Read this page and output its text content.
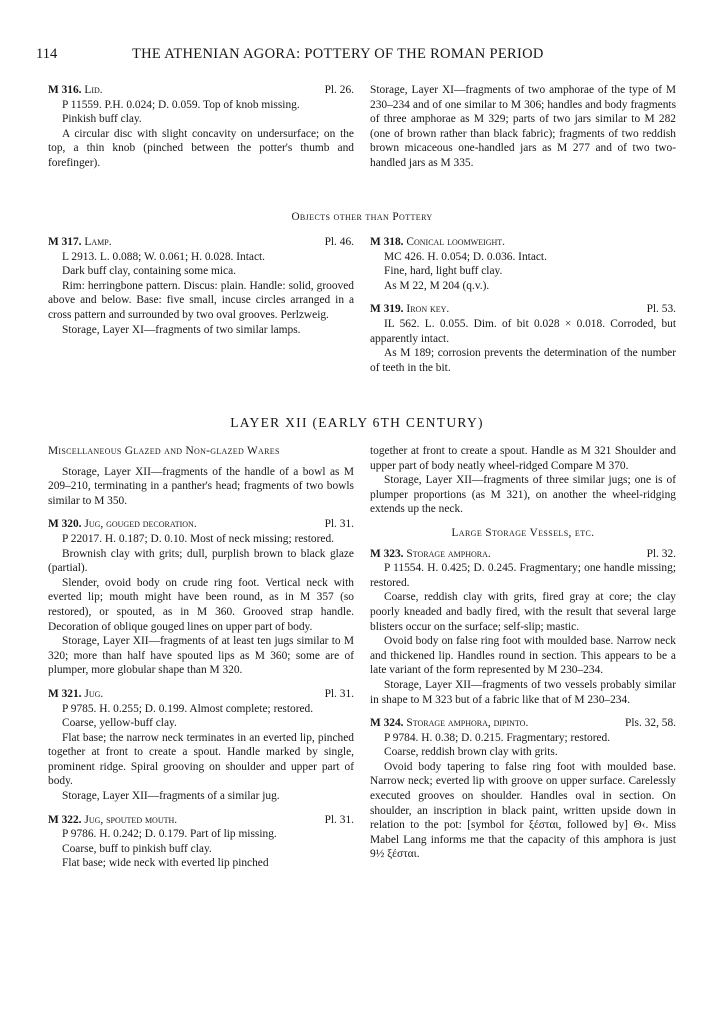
114	THE ATHENIAN AGORA: POTTERY OF THE ROMAN PERIOD
M 316. Lid.	Pl. 26.

P 11559. P.H. 0.024; D. 0.059. Top of knob missing.

Pinkish buff clay.

A circular disc with slight concavity on undersurface; on the top, a thin knob (pinched between the potter's thumb and forefinger).

Storage, Layer XI—fragments of two amphorae of the type of M 230–234 and of one similar to M 306; handles and body fragments of three amphorae as M 329; parts of two jars similar to M 282 (one of brown rather than black fabric); fragments of two reddish brown micaceous one-handled jars as M 277 and of two two-handled jars as M 335.

Objects other than Pottery
M 317. Lamp.	Pl. 46.

L 2913. L. 0.088; W. 0.061; H. 0.028. Intact.

Dark buff clay, containing some mica.

Rim: herringbone pattern. Discus: plain. Handle: solid, grooved above and below. Base: five small, incuse circles arranged in a cross pattern and surrounded by two oval grooves. Perlzweig.

Storage, Layer XI—fragments of two similar lamps.

M 318. Conical loomweight.

MC 426. H. 0.054; D. 0.036. Intact.

Fine, hard, light buff clay.

As M 22, M 204 (q.v.).

M 319. Iron key.	Pl. 53.

IL 562. L. 0.055. Dim. of bit 0.028 × 0.018. Corroded, but apparently intact.

As M 189; corrosion prevents the determination of the number of teeth in the bit.

LAYER XII (EARLY 6TH CENTURY)

Miscellaneous Glazed and Non-glazed Wares

Storage, Layer XII—fragments of the handle of a bowl as M 209–210, terminating in a panther's head; fragments of two bowls similar to M 350.

M 320. Jug, gouged decoration.	Pl. 31.

P 22017. H. 0.187; D. 0.10. Most of neck missing; restored.

Brownish clay with grits; dull, purplish brown to black glaze (partial).

Slender, ovoid body on crude ring foot. Vertical neck with everted lip; mouth might have been round, as in M 357 (so restored), or spouted, as in M 360. Grooved strap handle. Decoration of oblique gouged lines on upper part of body.

Storage, Layer XII—fragments of at least ten jugs similar to M 320; more than half have spouted lips as M 360; some are of plumper, more globular shape than M 320.

M 321. Jug.	Pl. 31.

P 9785. H. 0.255; D. 0.199. Almost complete; restored.

Coarse, yellow-buff clay.

Flat base; the narrow neck terminates in an everted lip, pinched together at front to create a spout. Handle marked by single, prominent ridge. Spiral grooving on shoulder and upper part of body.

Storage, Layer XII—fragments of a similar jug.

M 322. Jug, spouted mouth.	Pl. 31.

P 9786. H. 0.242; D. 0.179. Part of lip missing.

Coarse, buff to pinkish buff clay.

Flat base; wide neck with everted lip pinched

together at front to create a spout. Handle as M 321 Shoulder and upper part of body neatly wheel-ridged Compare M 370.

Storage, Layer XII—fragments of three similar jugs; one is of plumper proportions (as M 321), on another the wheel-ridging extends up the neck.

Large Storage Vessels, etc.

M 323. Storage amphora.	Pl. 32.

P 11554. H. 0.425; D. 0.245. Fragmentary; one handle missing; restored.

Coarse, reddish clay with grits, fired gray at core; the clay poorly kneaded and badly fired, with the result that several large blisters occur on the surface; self-slip; mastic.

Ovoid body on false ring foot with moulded base. Narrow neck and thickened lip. Handles round in section. This appears to be a late variant of the form represented by M 230–234.

Storage, Layer XII—fragments of two vessels probably similar in shape to M 323 but of a fabric like that of M 230–234.

M 324. Storage amphora, dipinto.	Pls. 32, 58.

P 9784. H. 0.38; D. 0.215. Fragmentary; restored.

Coarse, reddish brown clay with grits.

Ovoid body tapering to false ring foot with moulded base. Narrow neck; everted lip with groove on upper surface. Carelessly executed grooves on shoulder. Handles oval in section. On shoulder, an inscription in black paint, written upside down in relation to the pot: [symbol for ξέσται, followed by] Θ‹. Miss Mabel Lang informs me that the capacity of this amphora is just 9½ ξέσται.
